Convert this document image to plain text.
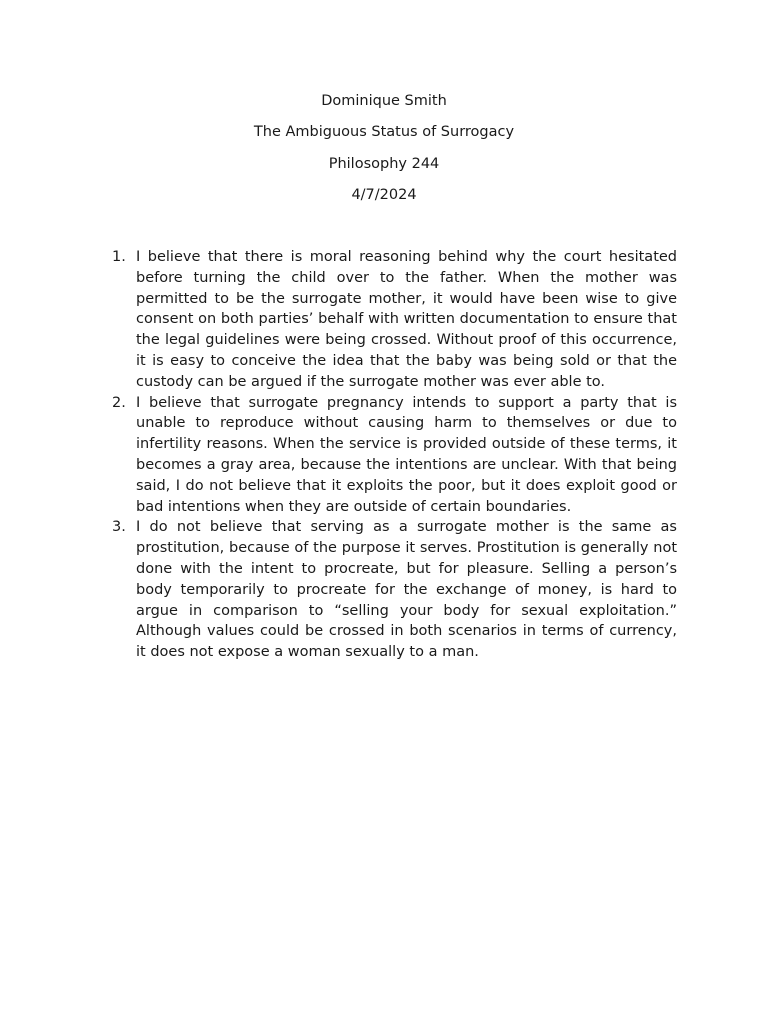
Dominique Smith
The Ambiguous Status of Surrogacy
Philosophy 244
4/7/2024
1. I believe that there is moral reasoning behind why the court hesitated before turning the child over to the father. When the mother was permitted to be the surrogate mother, it would have been wise to give consent on both parties’ behalf with written documentation to ensure that the legal guidelines were being crossed. Without proof of this occurrence, it is easy to conceive the idea that the baby was being sold or that the custody can be argued if the surrogate mother was ever able to.
2. I believe that surrogate pregnancy intends to support a party that is unable to reproduce without causing harm to themselves or due to infertility reasons. When the service is provided outside of these terms, it becomes a gray area, because the intentions are unclear. With that being said, I do not believe that it exploits the poor, but it does exploit good or bad intentions when they are outside of certain boundaries.
3. I do not believe that serving as a surrogate mother is the same as prostitution, because of the purpose it serves. Prostitution is generally not done with the intent to procreate, but for pleasure. Selling a person’s body temporarily to procreate for the exchange of money, is hard to argue in comparison to “selling your body for sexual exploitation.” Although values could be crossed in both scenarios in terms of currency, it does not expose a woman sexually to a man.
